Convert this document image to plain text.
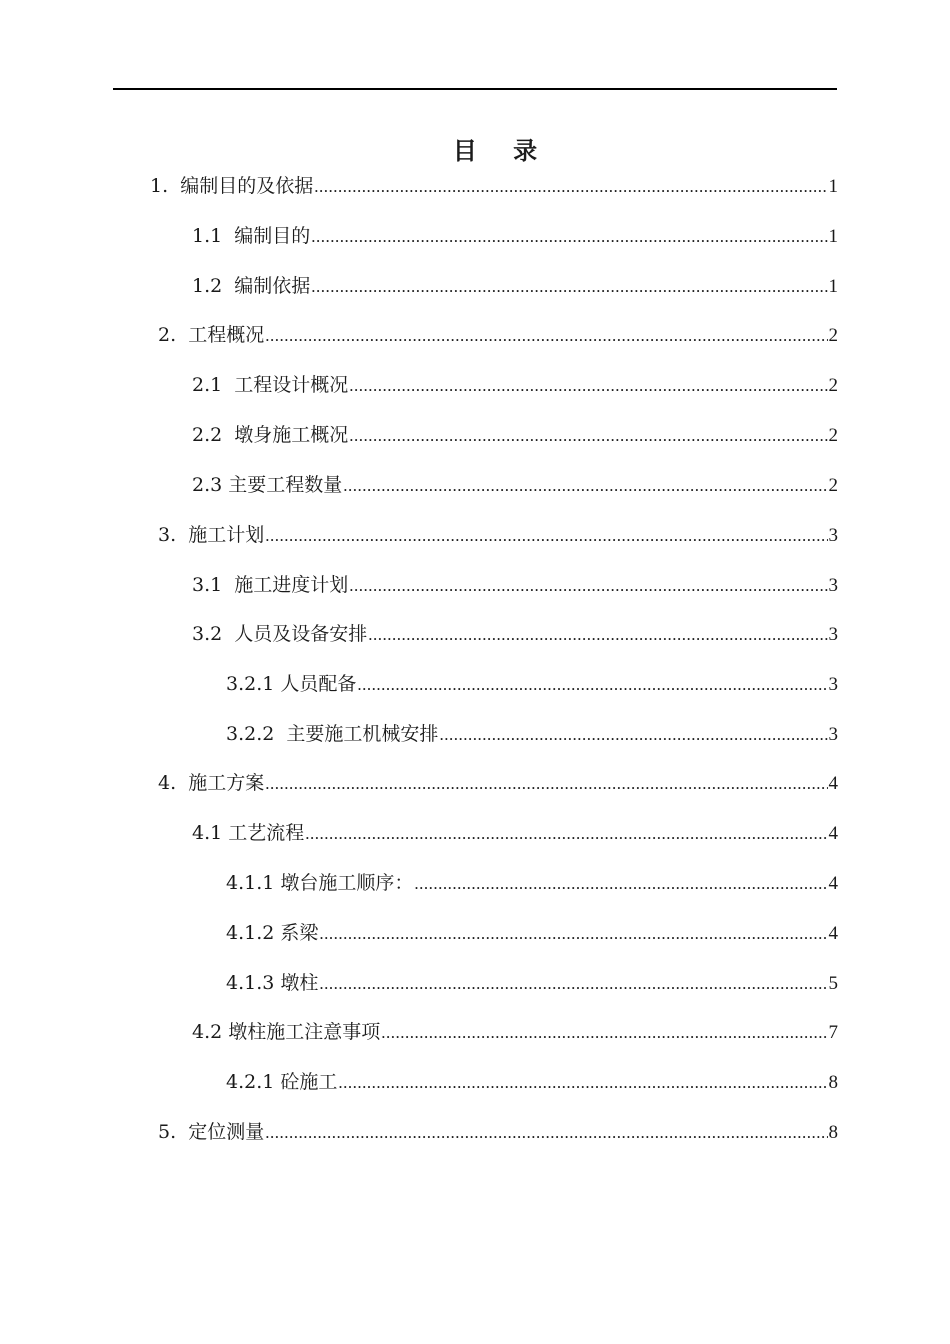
目 录
1.  编制目的及依据 .....	1
1.1  编制目的 .....	1
1.2  编制依据 .....	1
2.  工程概况 .....	2
2.1  工程设计概况 .....	2
2.2  墩身施工概况 .....	2
2.3 主要工程数量 .....	2
3.  施工计划 .....	3
3.1  施工进度计划 .....	3
3.2  人员及设备安排 .....	3
3.2.1 人员配备 .....	3
3.2.2  主要施工机械安排 .....	3
4.  施工方案 .....	4
4.1 工艺流程 .....	4
4.1.1 墩台施工顺序： .....	4
4.1.2 系梁 .....	4
4.1.3 墩柱 .....	5
4.2 墩柱施工注意事项 .....	7
4.2.1 砼施工 .....	8
5.  定位测量 .....	8
